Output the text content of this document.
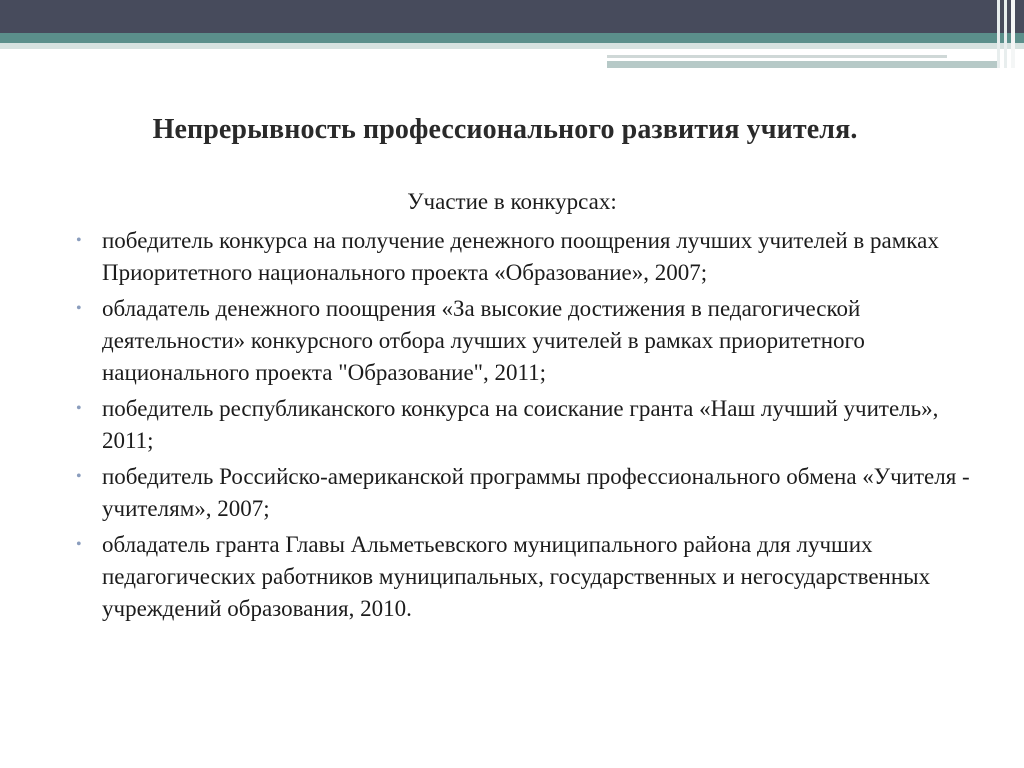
Непрерывность профессионального развития учителя.
Участие в конкурсах:
• победитель конкурса на получение денежного поощрения лучших учителей в рамках Приоритетного национального проекта «Образование», 2007;
• обладатель денежного поощрения «За высокие достижения в педагогической деятельности» конкурсного отбора лучших учителей в рамках приоритетного национального проекта "Образование", 2011;
• победитель республиканского конкурса на соискание гранта «Наш лучший учитель», 2011;
• победитель Российско-американской программы профессионального обмена «Учителя - учителям», 2007;
• обладатель гранта Главы Альметьевского муниципального района для лучших педагогических работников муниципальных, государственных и негосударственных учреждений образования, 2010.
